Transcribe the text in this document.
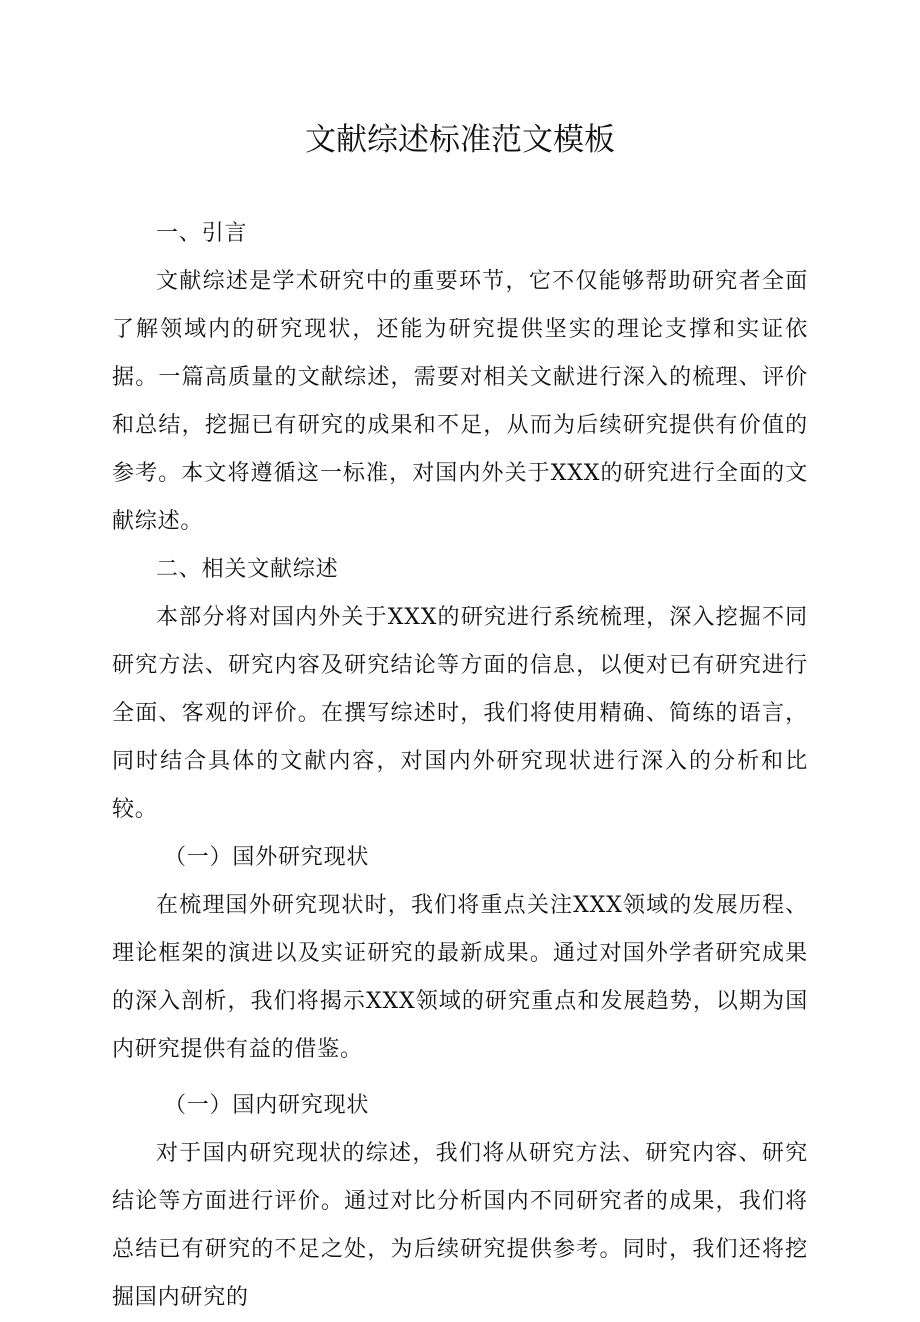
文献综述标准范文模板

一、引言

文献综述是学术研究中的重要环节，它不仅能够帮助研究者全面了解领域内的研究现状，还能为研究提供坚实的理论支撑和实证依据。一篇高质量的文献综述，需要对相关文献进行深入的梳理、评价和总结，挖掘已有研究的成果和不足，从而为后续研究提供有价值的参考。本文将遵循这一标准，对国内外关于XXX的研究进行全面的文献综述。

二、相关文献综述

本部分将对国内外关于XXX的研究进行系统梳理，深入挖掘不同研究方法、研究内容及研究结论等方面的信息，以便对已有研究进行全面、客观的评价。在撰写综述时，我们将使用精确、简练的语言，同时结合具体的文献内容，对国内外研究现状进行深入的分析和比较。

（一）国外研究现状

在梳理国外研究现状时，我们将重点关注XXX领域的发展历程、理论框架的演进以及实证研究的最新成果。通过对国外学者研究成果的深入剖析，我们将揭示XXX领域的研究重点和发展趋势，以期为国内研究提供有益的借鉴。

（一）国内研究现状

对于国内研究现状的综述，我们将从研究方法、研究内容、研究结论等方面进行评价。通过对比分析国内不同研究者的成果，我们将总结已有研究的不足之处，为后续研究提供参考。同时，我们还将挖掘国内研究的
